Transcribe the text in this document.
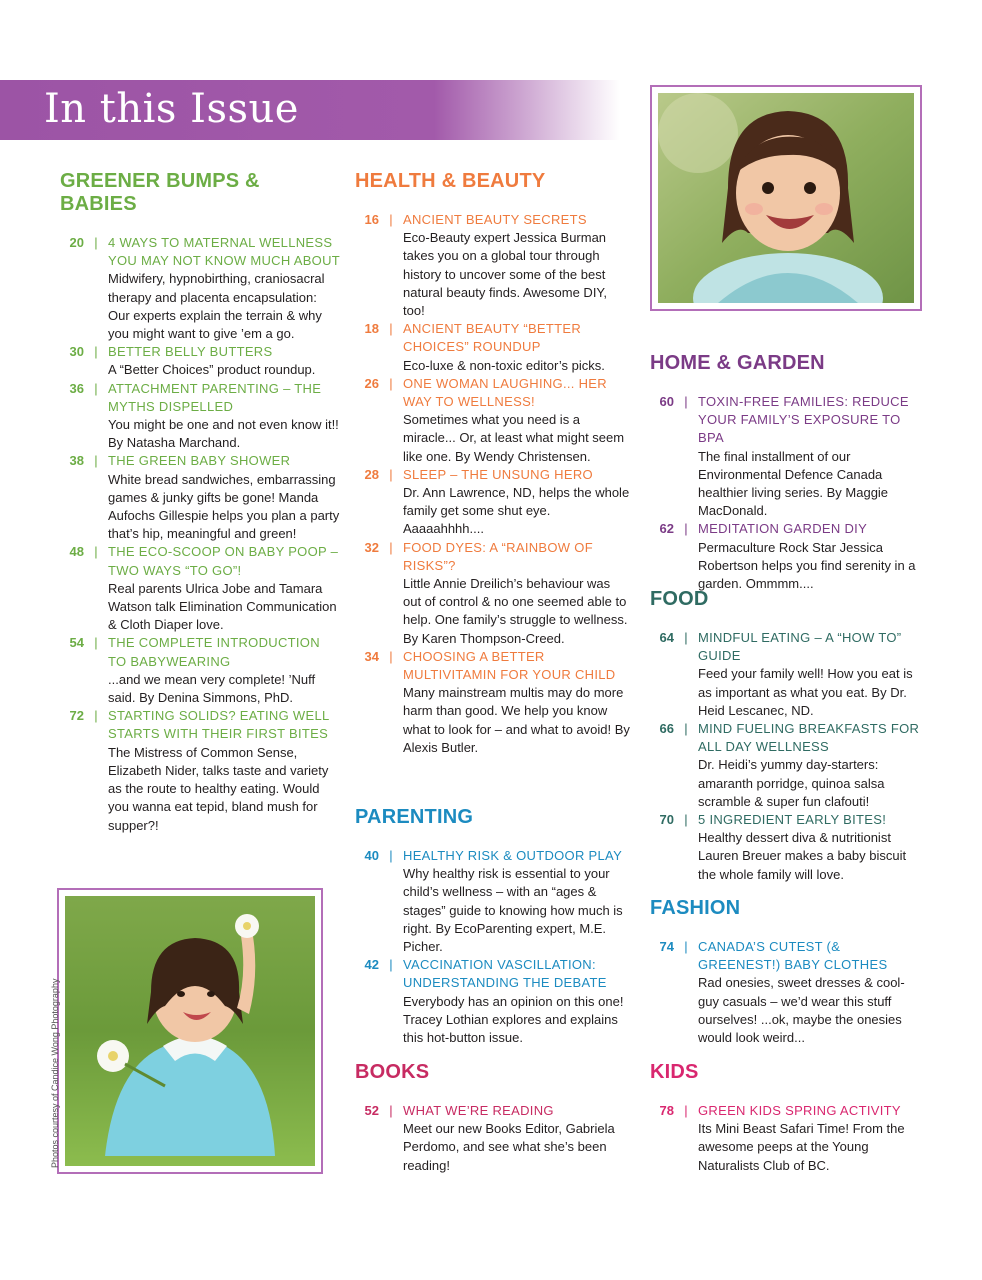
In this Issue
GREENER BUMPS & BABIES
20 | 4 WAYS TO MATERNAL WELLNESS YOU MAY NOT KNOW MUCH ABOUT
Midwifery, hypnobirthing, craniosacral therapy and placenta encapsulation: Our experts explain the terrain & why you might want to give ’em a go.
30 | BETTER BELLY BUTTERS
A “Better Choices” product roundup.
36 | ATTACHMENT PARENTING – THE MYTHS DISPELLED
You might be one and not even know it!! By Natasha Marchand.
38 | THE GREEN BABY SHOWER
White bread sandwiches, embarrassing games & junky gifts be gone! Manda Aufochs Gillespie helps you plan a party that’s hip, meaningful and green!
48 | THE ECO-SCOOP ON BABY POOP – TWO WAYS “TO GO”!
Real parents Ulrica Jobe and Tamara Watson talk Elimination Communication & Cloth Diaper love.
54 | THE COMPLETE INTRODUCTION TO BABYWEARING
...and we mean very complete! ’Nuff said. By Denina Simmons, PhD.
72 | STARTING SOLIDS? EATING WELL STARTS WITH THEIR FIRST BITES
The Mistress of Common Sense, Elizabeth Nider, talks taste and variety as the route to healthy eating. Would you wanna eat tepid, bland mush for supper?!
HEALTH & BEAUTY
16 | ANCIENT BEAUTY SECRETS
Eco-Beauty expert Jessica Burman takes you on a global tour through history to uncover some of the best natural beauty finds. Awesome DIY, too!
18 | ANCIENT BEAUTY “BETTER CHOICES” ROUNDUP
Eco-luxe & non-toxic editor’s picks.
26 | ONE WOMAN LAUGHING... HER WAY TO WELLNESS!
Sometimes what you need is a miracle... Or, at least what might seem like one. By Wendy Christensen.
28 | SLEEP – THE UNSUNG HERO
Dr. Ann Lawrence, ND, helps the whole family get some shut eye. Aaaaahhhh....
32 | FOOD DYES: A “RAINBOW OF RISKS”?
Little Annie Dreilich’s behaviour was out of control & no one seemed able to help. One family’s struggle to wellness. By Karen Thompson-Creed.
34 | CHOOSING A BETTER MULTIVITAMIN FOR YOUR CHILD
Many mainstream multis may do more harm than good. We help you know what to look for – and what to avoid! By Alexis Butler.
PARENTING
40 | HEALTHY RISK & OUTDOOR PLAY
Why healthy risk is essential to your child’s wellness – with an “ages & stages” guide to knowing how much is right. By EcoParenting expert, M.E. Picher.
42 | VACCINATION VASCILLATION: UNDERSTANDING THE DEBATE
Everybody has an opinion on this one! Tracey Lothian explores and explains this hot-button issue.
BOOKS
52 | WHAT WE’RE READING
Meet our new Books Editor, Gabriela Perdomo, and see what she’s been reading!
HOME & GARDEN
60 | TOXIN-FREE FAMILIES: REDUCE YOUR FAMILY’S EXPOSURE TO BPA
The final installment of our Environmental Defence Canada healthier living series. By Maggie MacDonald.
62 | MEDITATION GARDEN DIY
Permaculture Rock Star Jessica Robertson helps you find serenity in a garden. Ommmm....
FOOD
64 | MINDFUL EATING – A “HOW TO” GUIDE
Feed your family well! How you eat is as important as what you eat. By Dr. Heid Lescanec, ND.
66 | MIND FUELING BREAKFASTS FOR ALL DAY WELLNESS
Dr. Heidi’s yummy day-starters: amaranth porridge, quinoa salsa scramble & super fun clafouti!
70 | 5 INGREDIENT EARLY BITES!
Healthy dessert diva & nutritionist Lauren Breuer makes a baby biscuit the whole family will love.
FASHION
74 | CANADA’S CUTEST (& GREENEST!) BABY CLOTHES
Rad onesies, sweet dresses & cool-guy casuals – we’d wear this stuff ourselves! ...ok, maybe the onesies would look weird...
KIDS
78 | GREEN KIDS SPRING ACTIVITY
Its Mini Beast Safari Time! From the awesome peeps at the Young Naturalists Club of BC.
Photos courtesy of Candice Wong Photography
